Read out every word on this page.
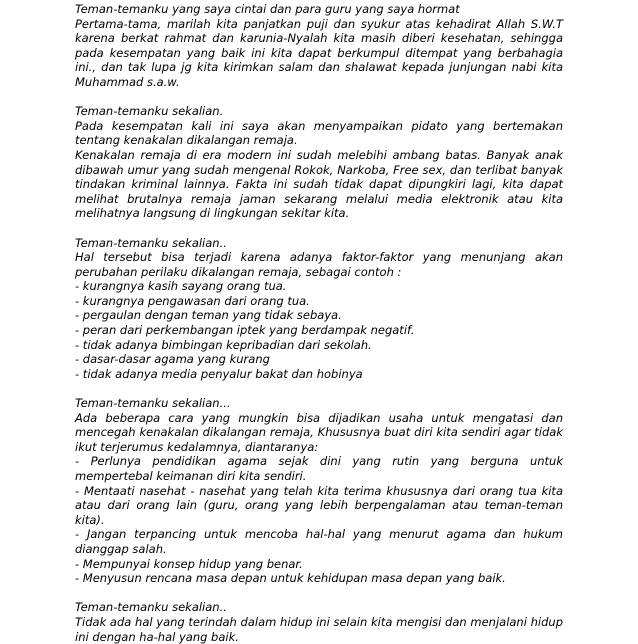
Teman-temanku yang saya cintai dan para guru yang saya hormat

Pertama-tama, marilah kita panjatkan puji dan syukur atas kehadirat Allah S.W.T karena berkat rahmat dan karunia-Nyalah kita masih diberi kesehatan, sehingga pada kesempatan yang baik ini kita dapat berkumpul ditempat yang berbahagia ini., dan tak lupa jg kita kirimkan salam dan shalawat kepada junjungan nabi kita Muhammad s.a.w.

Teman-temanku sekalian.

Pada kesempatan kali ini saya akan menyampaikan pidato yang bertemakan tentang kenakalan dikalangan remaja.

Kenakalan remaja di era modern ini sudah melebihi ambang batas. Banyak anak dibawah umur yang sudah mengenal Rokok, Narkoba, Free sex, dan terlibat banyak tindakan kriminal lainnya. Fakta ini sudah tidak dapat dipungkiri lagi, kita dapat melihat brutalnya remaja jaman sekarang melalui media elektronik atau kita melihatnya langsung di lingkungan sekitar kita.

Teman-temanku sekalian..

Hal tersebut bisa terjadi karena adanya faktor-faktor yang menunjang akan perubahan perilaku dikalangan remaja, sebagai contoh :

- kurangnya kasih sayang orang tua.

- kurangnya pengawasan dari orang tua.

- pergaulan dengan teman yang tidak sebaya.

- peran dari perkembangan iptek yang berdampak negatif.

- tidak adanya bimbingan kepribadian dari sekolah.

- dasar-dasar agama yang kurang

- tidak adanya media penyalur bakat dan hobinya

Teman-temanku sekalian...

Ada beberapa cara yang mungkin bisa dijadikan usaha untuk mengatasi dan mencegah kenakalan dikalangan remaja, Khususnya buat diri kita sendiri agar tidak ikut terjerumus kedalamnya, diantaranya:

- Perlunya pendidikan agama sejak dini yang rutin yang berguna untuk mempertebal keimanan diri kita sendiri.

- Mentaati nasehat - nasehat yang telah kita terima khususnya dari orang tua kita atau dari orang lain (guru, orang yang lebih berpengalaman atau teman-teman kita).

- Jangan terpancing untuk mencoba hal-hal yang menurut agama dan hukum dianggap salah.

- Mempunyai konsep hidup yang benar.

- Menyusun rencana masa depan untuk kehidupan masa depan yang baik.

Teman-temanku sekalian..

Tidak ada hal yang terindah dalam hidup ini selain kita mengisi dan menjalani hidup ini dengan ha-hal yang baik.
